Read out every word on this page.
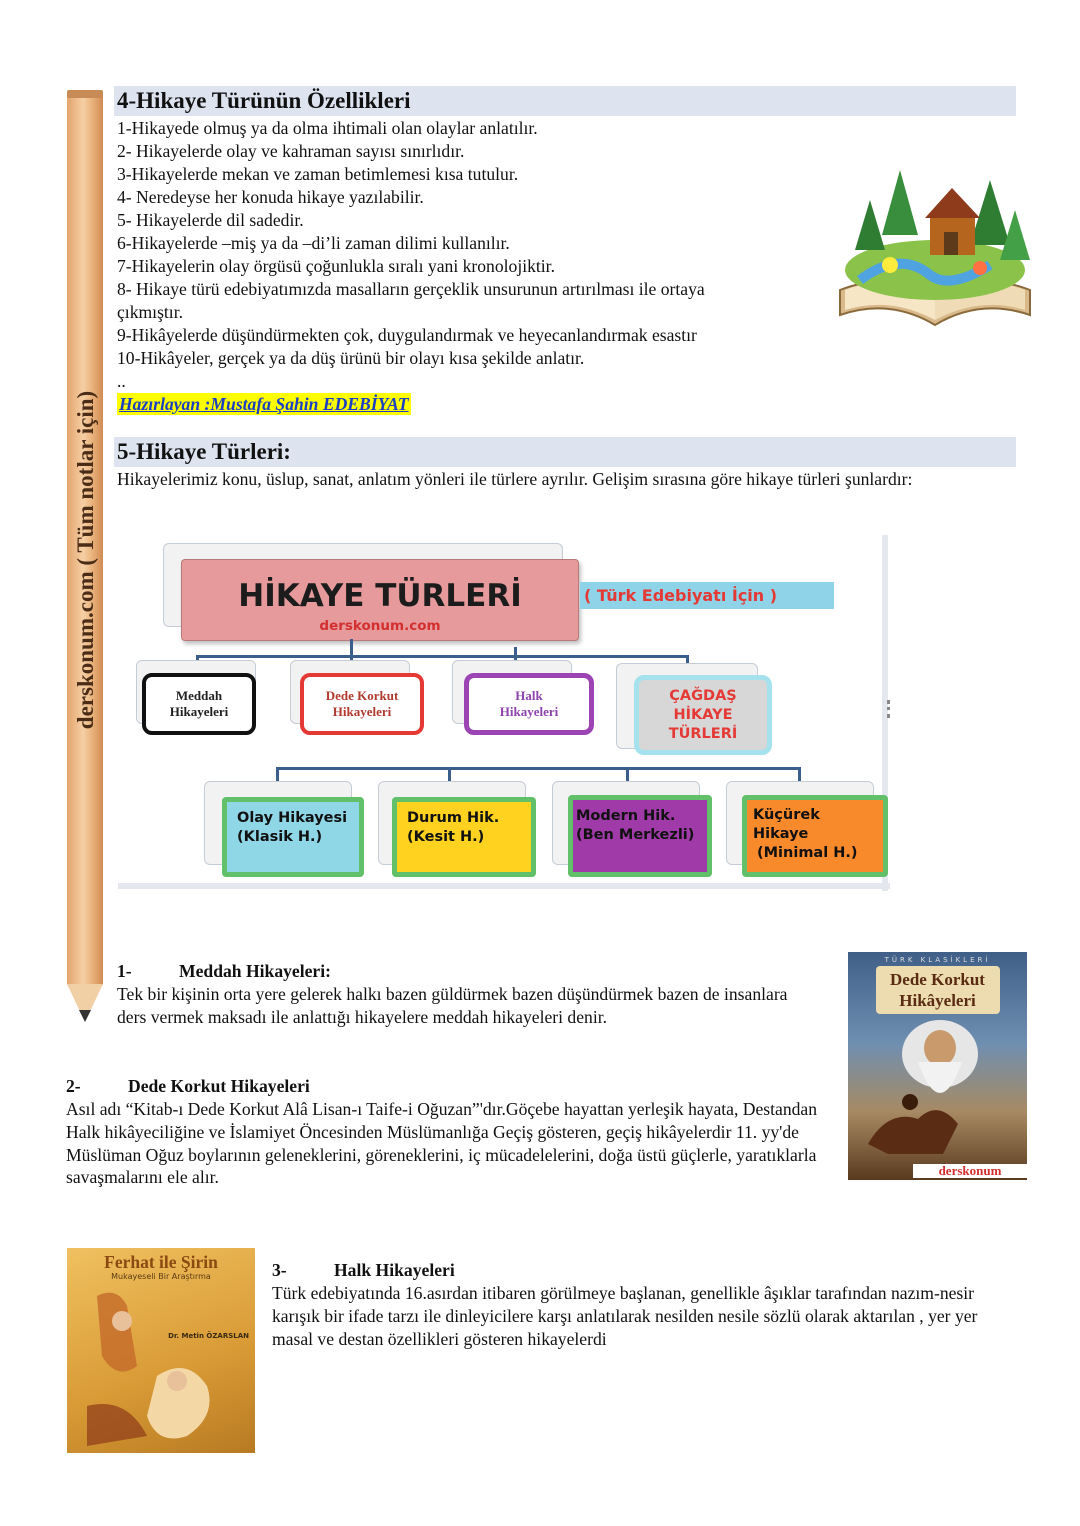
derskonum.com ( Tüm notlar için)
4-Hikaye Türünün Özellikleri
1-Hikayede olmuş ya da olma ihtimali olan olaylar anlatılır.
2- Hikayelerde olay ve kahraman sayısı sınırlıdır.
3-Hikayelerde mekan ve zaman betimlemesi kısa tutulur.
4- Neredeyse her konuda hikaye yazılabilir.
5- Hikayelerde dil sadedir.
6-Hikayelerde –miş ya da –di’li zaman dilimi kullanılır.
7-Hikayelerin olay örgüsü çoğunlukla sıralı yani kronolojiktir.
8- Hikaye türü edebiyatımızda masalların gerçeklik unsurunun artırılması ile ortaya
çıkmıştır.
9-Hikâyelerde düşündürmekten çok, duygulandırmak ve heyecanlandırmak esastır
10-Hikâyeler, gerçek ya da düş ürünü bir olayı kısa şekilde anlatır.
..
Hazırlayan :Mustafa Şahin EDEBİYAT
5-Hikaye Türleri:
Hikayelerimiz konu, üslup, sanat, anlatım yönleri ile türlere ayrılır. Gelişim sırasına göre hikaye türleri şunlardır:
HİKAYE TÜRLERİ
derskonum.com
( Türk Edebiyatı İçin )
Meddah Hikayeleri
Dede Korkut Hikayeleri
Halk Hikayeleri
ÇAĞDAŞ HİKAYE TÜRLERİ
Olay Hikayesi
(Klasik H.)
Durum Hik.
(Kesit H.)
Modern Hik.
(Ben Merkezli)
Küçürek Hikaye
(Minimal H.)
1-	Meddah Hikayeleri:
Tek bir kişinin orta yere gelerek halkı bazen güldürmek bazen düşündürmek bazen de insanlara ders vermek maksadı ile anlattığı hikayelere meddah hikayeleri denir.
TÜRK KLASİKLERİ
Dede Korkut
Hikâyeleri
derskonum
2-	Dede Korkut Hikayeleri
Asıl adı “Kitab-ı Dede Korkut Alâ Lisan-ı Taife-i Oğuzan”'dır.Göçebe hayattan yerleşik hayata, Destandan Halk hikâyeciliğine ve İslamiyet Öncesinden Müslümanlığa Geçiş gösteren, geçiş hikâyelerdir 11. yy'de Müslüman Oğuz boylarının geleneklerini, göreneklerini, iç mücadelelerini, doğa üstü güçlerle, yaratıklarla savaşmalarını ele alır.
Ferhat ile Şirin
Mukayeseli Bir Araştırma
Dr. Metin ÖZARSLAN
3-	Halk Hikayeleri
Türk edebiyatında 16.asırdan itibaren görülmeye başlanan, genellikle âşıklar tarafından nazım-nesir karışık bir ifade tarzı ile dinleyicilere karşı anlatılarak nesilden nesile sözlü olarak aktarılan , yer yer masal ve destan özellikleri gösteren hikayelerdi
